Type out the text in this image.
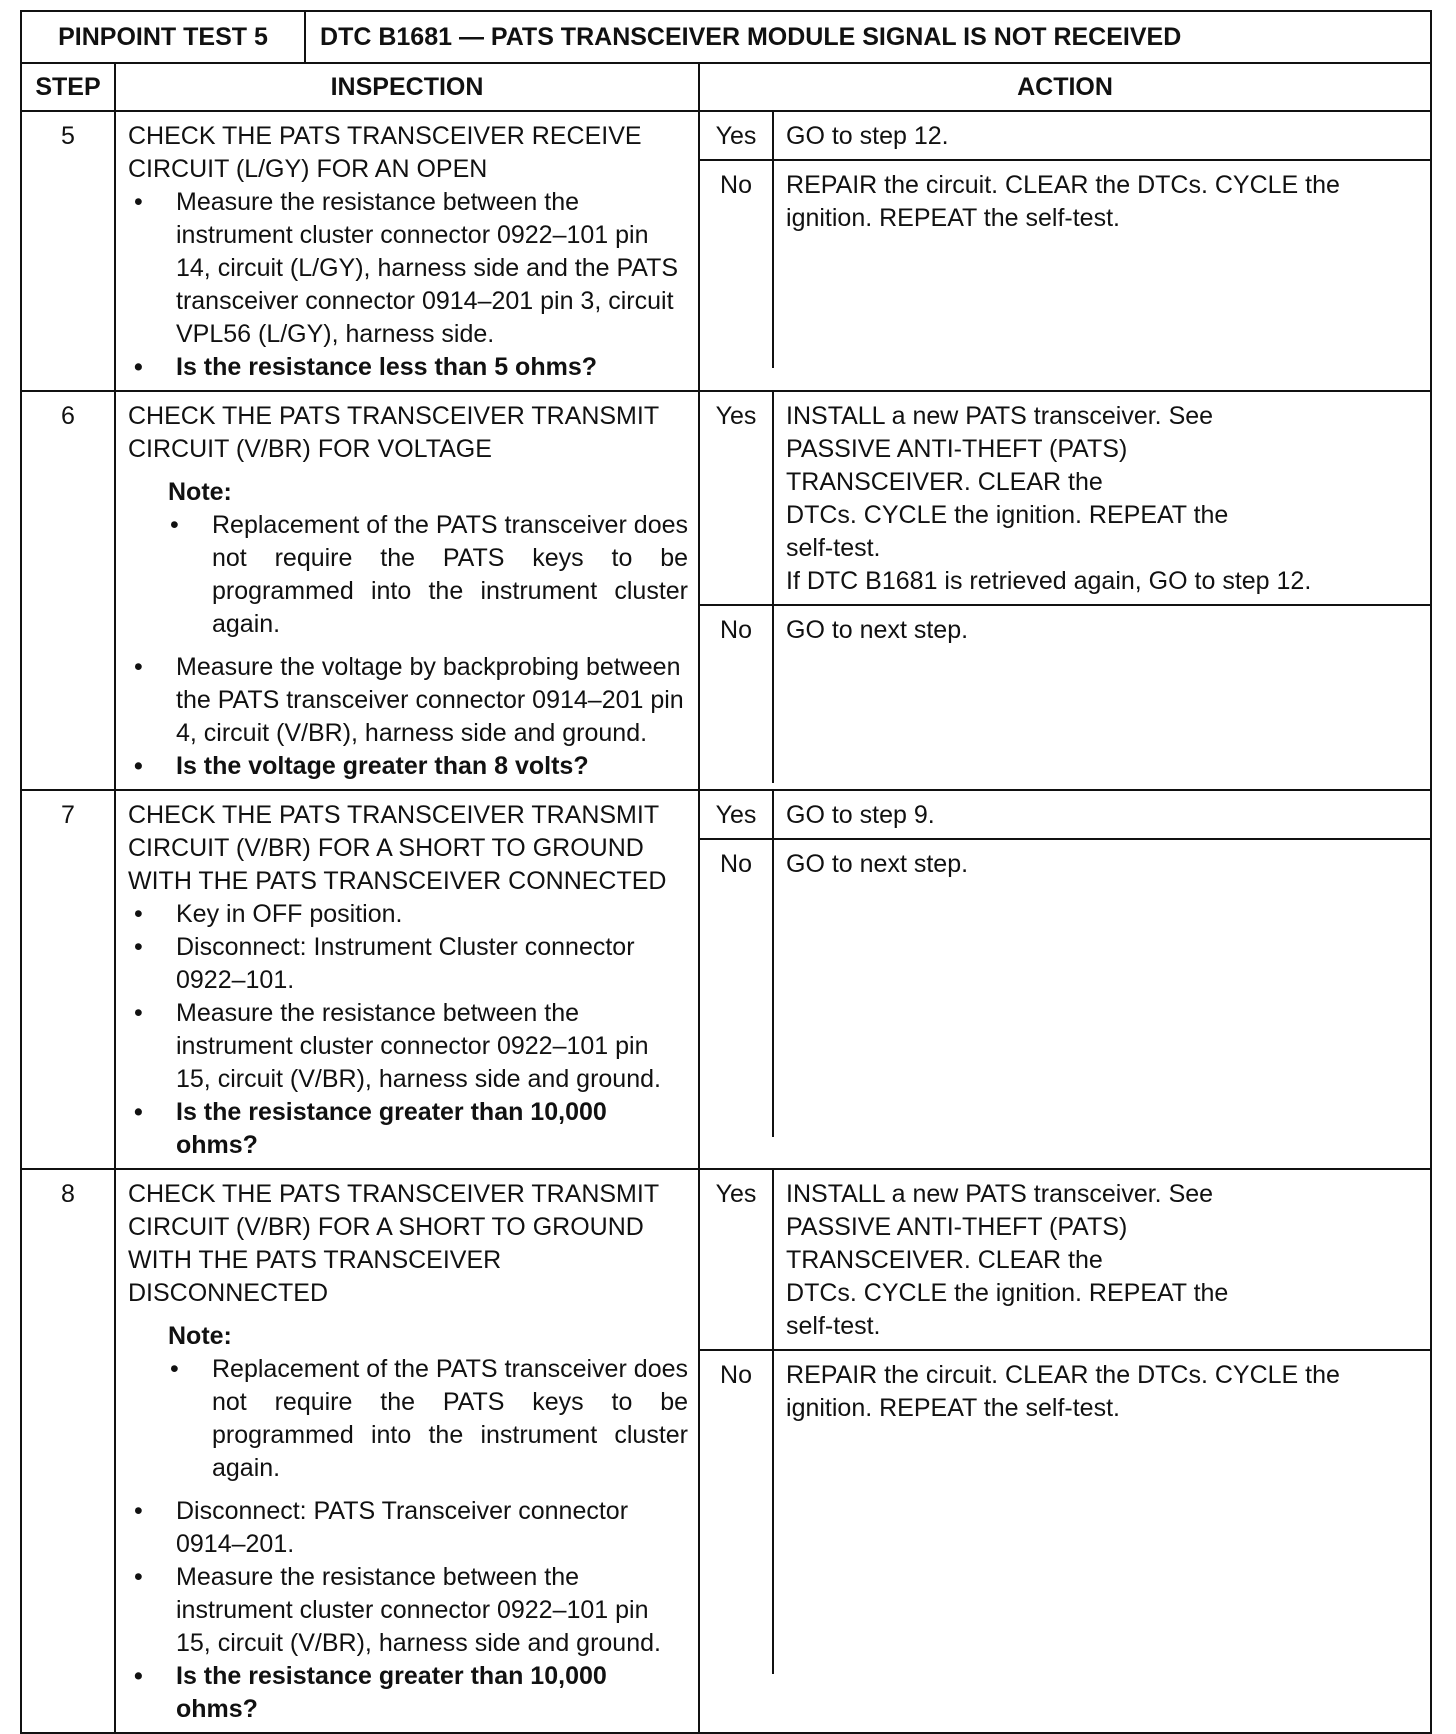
PINPOINT TEST 5	DTC B1681 — PATS TRANSCEIVER MODULE SIGNAL IS NOT RECEIVED
STEP	INSPECTION	ACTION
5	CHECK THE PATS TRANSCEIVER RECEIVE CIRCUIT (L/GY) FOR AN OPEN
• Measure the resistance between the instrument cluster connector 0922–101 pin 14, circuit (L/GY), harness side and the PATS transceiver connector 0914–201 pin 3, circuit VPL56 (L/GY), harness side.
• Is the resistance less than 5 ohms?

Yes	GO to step 12.
No	REPAIR the circuit. CLEAR the DTCs. CYCLE the ignition. REPEAT the self-test.

6	CHECK THE PATS TRANSCEIVER TRANSMIT CIRCUIT (V/BR) FOR VOLTAGE
Note:
• Replacement of the PATS transceiver does not require the PATS keys to be programmed into the instrument cluster again.
• Measure the voltage by backprobing between the PATS transceiver connector 0914–201 pin 4, circuit (V/BR), harness side and ground.
• Is the voltage greater than 8 volts?

Yes	INSTALL a new PATS transceiver. See
PASSIVE ANTI-THEFT (PATS)
TRANSCEIVER. CLEAR the
DTCs. CYCLE the ignition. REPEAT the
self-test.
If DTC B1681 is retrieved again, GO to step 12.
No	GO to next step.

7	CHECK THE PATS TRANSCEIVER TRANSMIT CIRCUIT (V/BR) FOR A SHORT TO GROUND WITH THE PATS TRANSCEIVER CONNECTED
• Key in OFF position.
• Disconnect: Instrument Cluster connector 0922–101.
• Measure the resistance between the instrument cluster connector 0922–101 pin 15, circuit (V/BR), harness side and ground.
• Is the resistance greater than 10,000 ohms?

Yes	GO to step 9.
No	GO to next step.

8	CHECK THE PATS TRANSCEIVER TRANSMIT CIRCUIT (V/BR) FOR A SHORT TO GROUND WITH THE PATS TRANSCEIVER DISCONNECTED
Note:
• Replacement of the PATS transceiver does not require the PATS keys to be programmed into the instrument cluster again.
• Disconnect: PATS Transceiver connector 0914–201.
• Measure the resistance between the instrument cluster connector 0922–101 pin 15, circuit (V/BR), harness side and ground.
• Is the resistance greater than 10,000 ohms?

Yes	INSTALL a new PATS transceiver. See
PASSIVE ANTI-THEFT (PATS)
TRANSCEIVER. CLEAR the
DTCs. CYCLE the ignition. REPEAT the
self-test.
No	REPAIR the circuit. CLEAR the DTCs. CYCLE the ignition. REPEAT the self-test.
